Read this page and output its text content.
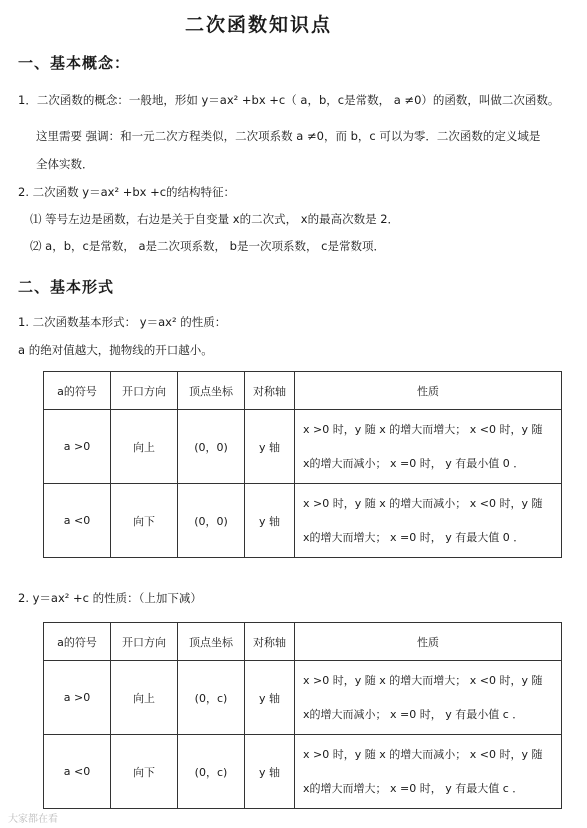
二次函数知识点
一、基本概念：
1．二次函数的概念：一般地，形如 y＝ax² +bx +c（ a，b，c是常数， a ≠0）的函数，叫做二次函数。
这里需要 强调：和一元二次方程类似，二次项系数 a ≠0，而 b，c 可以为零．二次函数的定义域是
全体实数．
2. 二次函数 y＝ax² +bx +c的结构特征：
⑴ 等号左边是函数，右边是关于自变量 x的二次式， x的最高次数是 2．
⑵ a，b，c是常数， a是二次项系数， b是一次项系数， c是常数项．
二、基本形式
1. 二次函数基本形式： y＝ax² 的性质：
a 的绝对值越大，抛物线的开口越小。
a的符号	开口方向	顶点坐标	对称轴	性质
a >0	向上	(0，0)	y 轴	x >0 时，y 随 x 的增大而增大； x <0 时，y 随
x的增大而减小； x =0 时， y 有最小值 0 ．

a <0	向下	(0，0)	y 轴	x >0 时，y 随 x 的增大而减小； x <0 时，y 随
x的增大而增大； x =0 时， y 有最大值 0 ．
2. y＝ax² +c 的性质：（上加下减）
a的符号	开口方向	顶点坐标	对称轴	性质
a >0	向上	(0，c)	y 轴	x >0 时，y 随 x 的增大而增大； x <0 时，y 随
x的增大而减小； x =0 时， y 有最小值 c ．

a <0	向下	(0，c)	y 轴	x >0 时，y 随 x 的增大而减小； x <0 时，y 随
x的增大而增大； x =0 时， y 有最大值 c ．
大家都在看
